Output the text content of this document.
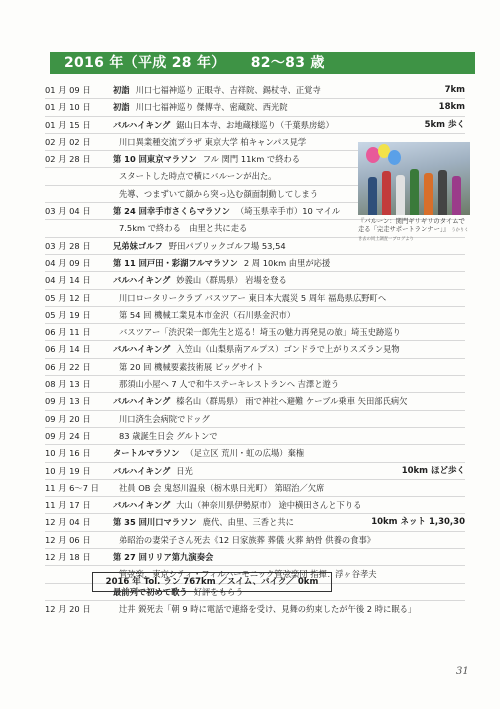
2016 年（平成 28 年） 82～83 歳
01 月 09 日	初詣 川口七福神巡り 正眼寺、吉祥院、錫杖寺、正覚寺	7km
01 月 10 日	初詣 川口七福神巡り 傑傳寺、密蔵院、西光院	18km
01 月 15 日	バルハイキング 鋸山日本寺、お地蔵様巡り（千葉県房総）	5km 歩く
02 月 02 日	川口異業種交流プラザ 東京大学 柏キャンパス見学
02 月 28 日	第 10 回東京マラソン フル 関門 11km で終わる
スタートした時点で横にバルーンが出た。
先導、つまずいて顔から突っ込む顔面制動してしまう
03 月 04 日	第 24 回幸手市さくらマラソン （埼玉県幸手市）10 マイル
7.5km で終わる　由里と共に走る
03 月 28 日	兄弟妹ゴルフ 野田パブリックゴルフ場 53,54
04 月 09 日	第 11 回戸田・彩湖フルマラソン 2 周 10km 由里が応援
04 月 14 日	バルハイキング 妙義山（群馬県） 岩場を登る
05 月 12 日	川口ロータリークラブ バスツアー 東日本大震災 5 周年 福島県広野町へ
05 月 19 日	第 54 回 機械工業見本市金沢（石川県金沢市）
06 月 11 日	バスツアー「渋沢栄一郎先生と巡る！埼玉の魅力再発見の旅」埼玉史跡巡り
06 月 14 日	バルハイキング 入笠山（山梨県南アルプス）ゴンドラで上がりスズラン見物
06 月 22 日	第 20 回 機械要素技術展 ビッグサイト
08 月 13 日	那須山小屋へ 7 人で和牛ステーキレストランへ 吉澤と遊う
09 月 13 日	バルハイキング 榛名山（群馬県） 雨で神社へ避難 ケーブル乗車 矢田部氏病欠
09 月 20 日	川口済生会病院でドッグ
09 月 24 日	83 歳誕生日会 グルトンで
10 月 16 日	タートルマラソン （足立区 荒川・虹の広場）棄権
10 月 19 日	バルハイキング 日光	10km ほど歩く
11 月 6～7 日	社員 OB 会 鬼怒川温泉（栃木県日光町） 第昭治／欠席
11 月 17 日	バルハイキング 大山（神奈川県伊勢原市） 途中横田さんと下りる
12 月 04 日	第 35 回川口マラソン 鹿代、由里、三香と共に	10km ネット 1,30,30
12 月 06 日	弟昭治の妻栄子さん死去《12 日家族葬 葬儀 火葬 納骨 供養の食事》
12 月 18 日	第 27 回リリア第九演奏会
管弦楽：東京シティ・フィルハーモニック管弦楽団 指揮：浮ヶ谷孝夫
最前列で初めて歌う 好評をもらう
12 月 20 日	辻井 鋭死去「朝 9 時に電話で連絡を受け、見舞の約束したが午後 2 時に眠る」
『バルーン：関門ギリギリのタイムで走る「完走サポートランナー」』 うかりくき去の同上調査一ブログより
2016 年 Tol. ラン 767km ／スイム、バイク／ 0km
31
